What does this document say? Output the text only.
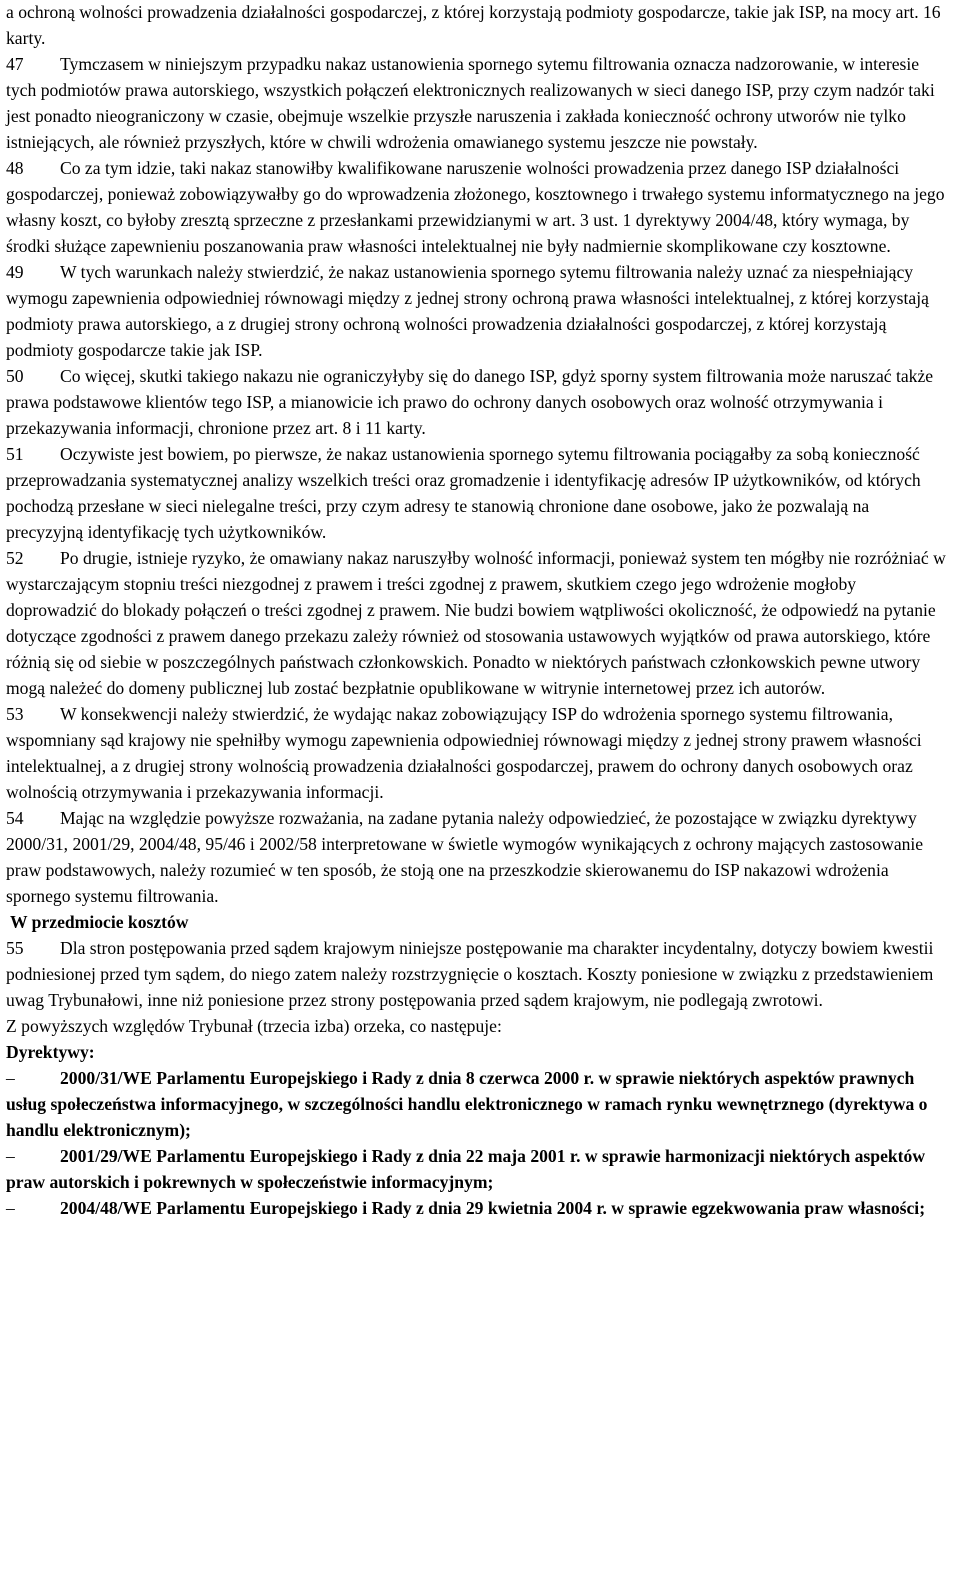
a ochroną wolności prowadzenia działalności gospodarczej, z której korzystają podmioty gospodarcze, takie jak ISP, na mocy art. 16 karty.

47 Tymczasem w niniejszym przypadku nakaz ustanowienia spornego sytemu filtrowania oznacza nadzorowanie, w interesie tych podmiotów prawa autorskiego, wszystkich połączeń elektronicznych realizowanych w sieci danego ISP, przy czym nadzór taki jest ponadto nieograniczony w czasie, obejmuje wszelkie przyszłe naruszenia i zakłada konieczność ochrony utworów nie tylko istniejących, ale również przyszłych, które w chwili wdrożenia omawianego systemu jeszcze nie powstały.

48 Co za tym idzie, taki nakaz stanowiłby kwalifikowane naruszenie wolności prowadzenia przez danego ISP działalności gospodarczej, ponieważ zobowiązywałby go do wprowadzenia złożonego, kosztownego i trwałego systemu informatycznego na jego własny koszt, co byłoby zresztą sprzeczne z przesłankami przewidzianymi w art. 3 ust. 1 dyrektywy 2004/48, który wymaga, by środki służące zapewnieniu poszanowania praw własności intelektualnej nie były nadmiernie skomplikowane czy kosztowne.

49 W tych warunkach należy stwierdzić, że nakaz ustanowienia spornego sytemu filtrowania należy uznać za niespełniający wymogu zapewnienia odpowiedniej równowagi między z jednej strony ochroną prawa własności intelektualnej, z której korzystają podmioty prawa autorskiego, a z drugiej strony ochroną wolności prowadzenia działalności gospodarczej, z której korzystają podmioty gospodarcze takie jak ISP.

50 Co więcej, skutki takiego nakazu nie ograniczyłyby się do danego ISP, gdyż sporny system filtrowania może naruszać także prawa podstawowe klientów tego ISP, a mianowicie ich prawo do ochrony danych osobowych oraz wolność otrzymywania i przekazywania informacji, chronione przez art. 8 i 11 karty.

51 Oczywiste jest bowiem, po pierwsze, że nakaz ustanowienia spornego sytemu filtrowania pociągałby za sobą konieczność przeprowadzania systematycznej analizy wszelkich treści oraz gromadzenie i identyfikację adresów IP użytkowników, od których pochodzą przesłane w sieci nielegalne treści, przy czym adresy te stanowią chronione dane osobowe, jako że pozwalają na precyzyjną identyfikację tych użytkowników.

52 Po drugie, istnieje ryzyko, że omawiany nakaz naruszyłby wolność informacji, ponieważ system ten mógłby nie rozróżniać w wystarczającym stopniu treści niezgodnej z prawem i treści zgodnej z prawem, skutkiem czego jego wdrożenie mogłoby doprowadzić do blokady połączeń o treści zgodnej z prawem. Nie budzi bowiem wątpliwości okoliczność, że odpowiedź na pytanie dotyczące zgodności z prawem danego przekazu zależy również od stosowania ustawowych wyjątków od prawa autorskiego, które różnią się od siebie w poszczególnych państwach członkowskich. Ponadto w niektórych państwach członkowskich pewne utwory mogą należeć do domeny publicznej lub zostać bezpłatnie opublikowane w witrynie internetowej przez ich autorów.

53 W konsekwencji należy stwierdzić, że wydając nakaz zobowiązujący ISP do wdrożenia spornego systemu filtrowania, wspomniany sąd krajowy nie spełniłby wymogu zapewnienia odpowiedniej równowagi między z jednej strony prawem własności intelektualnej, a z drugiej strony wolnością prowadzenia działalności gospodarczej, prawem do ochrony danych osobowych oraz wolnością otrzymywania i przekazywania informacji.

54 Mając na względzie powyższe rozważania, na zadane pytania należy odpowiedzieć, że pozostające w związku dyrektywy 2000/31, 2001/29, 2004/48, 95/46 i 2002/58 interpretowane w świetle wymogów wynikających z ochrony mających zastosowanie praw podstawowych, należy rozumieć w ten sposób, że stoją one na przeszkodzie skierowanemu do ISP nakazowi wdrożenia spornego systemu filtrowania.

W przedmiocie kosztów

55 Dla stron postępowania przed sądem krajowym niniejsze postępowanie ma charakter incydentalny, dotyczy bowiem kwestii podniesionej przed tym sądem, do niego zatem należy rozstrzygnięcie o kosztach. Koszty poniesione w związku z przedstawieniem uwag Trybunałowi, inne niż poniesione przez strony postępowania przed sądem krajowym, nie podlegają zwrotowi.

Z powyższych względów Trybunał (trzecia izba) orzeka, co następuje:

Dyrektywy:

–	2000/31/WE Parlamentu Europejskiego i Rady z dnia 8 czerwca 2000 r. w sprawie niektórych aspektów prawnych usług społeczeństwa informacyjnego, w szczególności handlu elektronicznego w ramach rynku wewnętrznego (dyrektywa o handlu elektronicznym);

–	2001/29/WE Parlamentu Europejskiego i Rady z dnia 22 maja 2001 r. w sprawie harmonizacji niektórych aspektów praw autorskich i pokrewnych w społeczeństwie informacyjnym;

–	2004/48/WE Parlamentu Europejskiego i Rady z dnia 29 kwietnia 2004 r. w sprawie egzekwowania praw własności;
